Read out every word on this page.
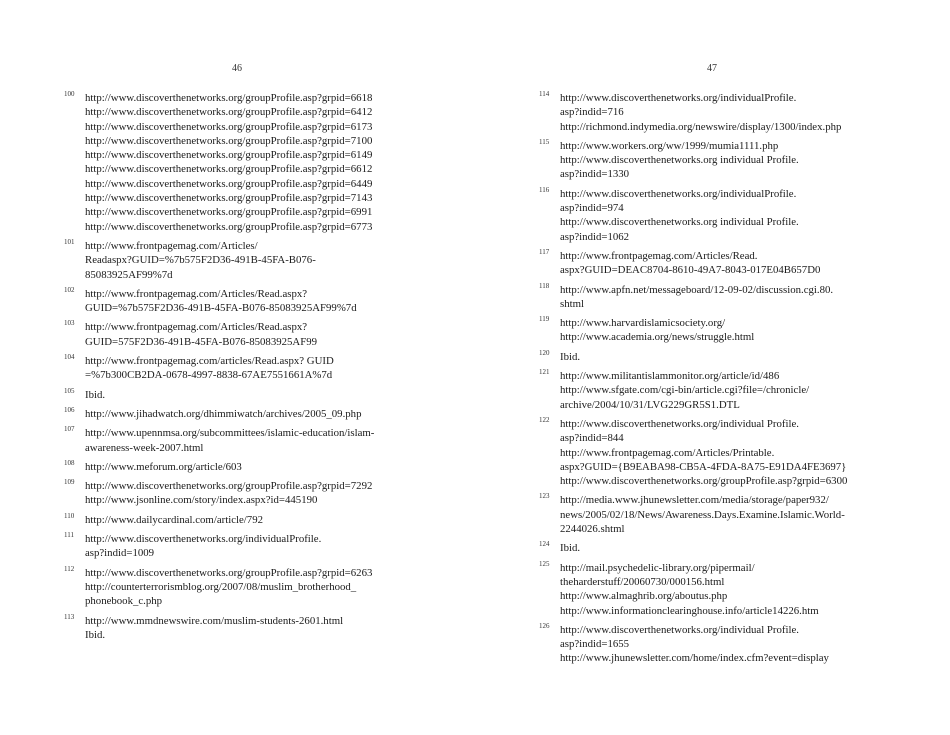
46	47
100 http://www.discoverthenetworks.org/groupProfile.asp?grpid=6618
http://www.discoverthenetworks.org/groupProfile.asp?grpid=6412
http://www.discoverthenetworks.org/groupProfile.asp?grpid=6173
http://www.discoverthenetworks.org/groupProfile.asp?grpid=7100
http://www.discoverthenetworks.org/groupProfile.asp?grpid=6149
http://www.discoverthenetworks.org/groupProfile.asp?grpid=6612
http://www.discoverthenetworks.org/groupProfile.asp?grpid=6449
http://www.discoverthenetworks.org/groupProfile.asp?grpid=7143
http://www.discoverthenetworks.org/groupProfile.asp?grpid=6991
http://www.discoverthenetworks.org/groupProfile.asp?grpid=6773
101 http://www.frontpagemag.com/Articles/
Readaspx?GUID=%7b575F2D36-491B-45FA-B076-
85083925AF99%7d
102 http://www.frontpagemag.com/Articles/Read.aspx?
GUID=%7b575F2D36-491B-45FA-B076-85083925AF99%7d
103 http://www.frontpagemag.com/Articles/Read.aspx?
GUID=575F2D36-491B-45FA-B076-85083925AF99
104 http://www.frontpagemag.com/articles/Read.aspx? GUID
=%7b300CB2DA-0678-4997-8838-67AE7551661A%7d
105 Ibid.
106 http://www.jihadwatch.org/dhimmiwatch/archives/2005_09.php
107 http://www.upennmsa.org/subcommittees/islamic-education/islam-
awareness-week-2007.html
108 http://www.meforum.org/article/603
109 http://www.discoverthenetworks.org/groupProfile.asp?grpid=7292
http://www.jsonline.com/story/index.aspx?id=445190
110 http://www.dailycardinal.com/article/792
111 http://www.discoverthenetworks.org/individualProfile.
asp?indid=1009
112 http://www.discoverthenetworks.org/groupProfile.asp?grpid=6263
http://counterterrorismblog.org/2007/08/muslim_brotherhood_
phonebook_c.php
113 http://www.mmdnewswire.com/muslim-students-2601.html
Ibid.
114 http://www.discoverthenetworks.org/individualProfile.
asp?indid=716
http://richmond.indymedia.org/newswire/display/1300/index.php
115 http://www.workers.org/ww/1999/mumia1111.php
http://www.discoverthenetworks.org individual Profile.
asp?indid=1330
116 http://www.discoverthenetworks.org/individualProfile.
asp?indid=974
http://www.discoverthenetworks.org individual Profile.
asp?indid=1062
117 http://www.frontpagemag.com/Articles/Read.
aspx?GUID=DEAC8704-8610-49A7-8043-017E04B657D0
118 http://www.apfn.net/messageboard/12-09-02/discussion.cgi.80.
shtml
119 http://www.harvardislamicsociety.org/
http://www.academia.org/news/struggle.html
120 Ibid.
121 http://www.militantislammonitor.org/article/id/486
http://www.sfgate.com/cgi-bin/article.cgi?file=/chronicle/
archive/2004/10/31/LVG229GR5S1.DTL
122 http://www.discoverthenetworks.org/individual Profile.
asp?indid=844
http://www.frontpagemag.com/Articles/Printable.
aspx?GUID={B9EABA98-CB5A-4FDA-8A75-E91DA4FE3697}
http://www.discoverthenetworks.org/groupProfile.asp?grpid=6300
123 http://media.www.jhunewsletter.com/media/storage/paper932/
news/2005/02/18/News/Awareness.Days.Examine.Islamic.World-
2244026.shtml
124 Ibid.
125 http://mail.psychedelic-library.org/pipermail/
theharderstuff/20060730/000156.html
http://www.almaghrib.org/aboutus.php
http://www.informationclearinghouse.info/article14226.htm
126 http://www.discoverthenetworks.org/individual Profile.
asp?indid=1655
http://www.jhunewsletter.com/home/index.cfm?event=display
